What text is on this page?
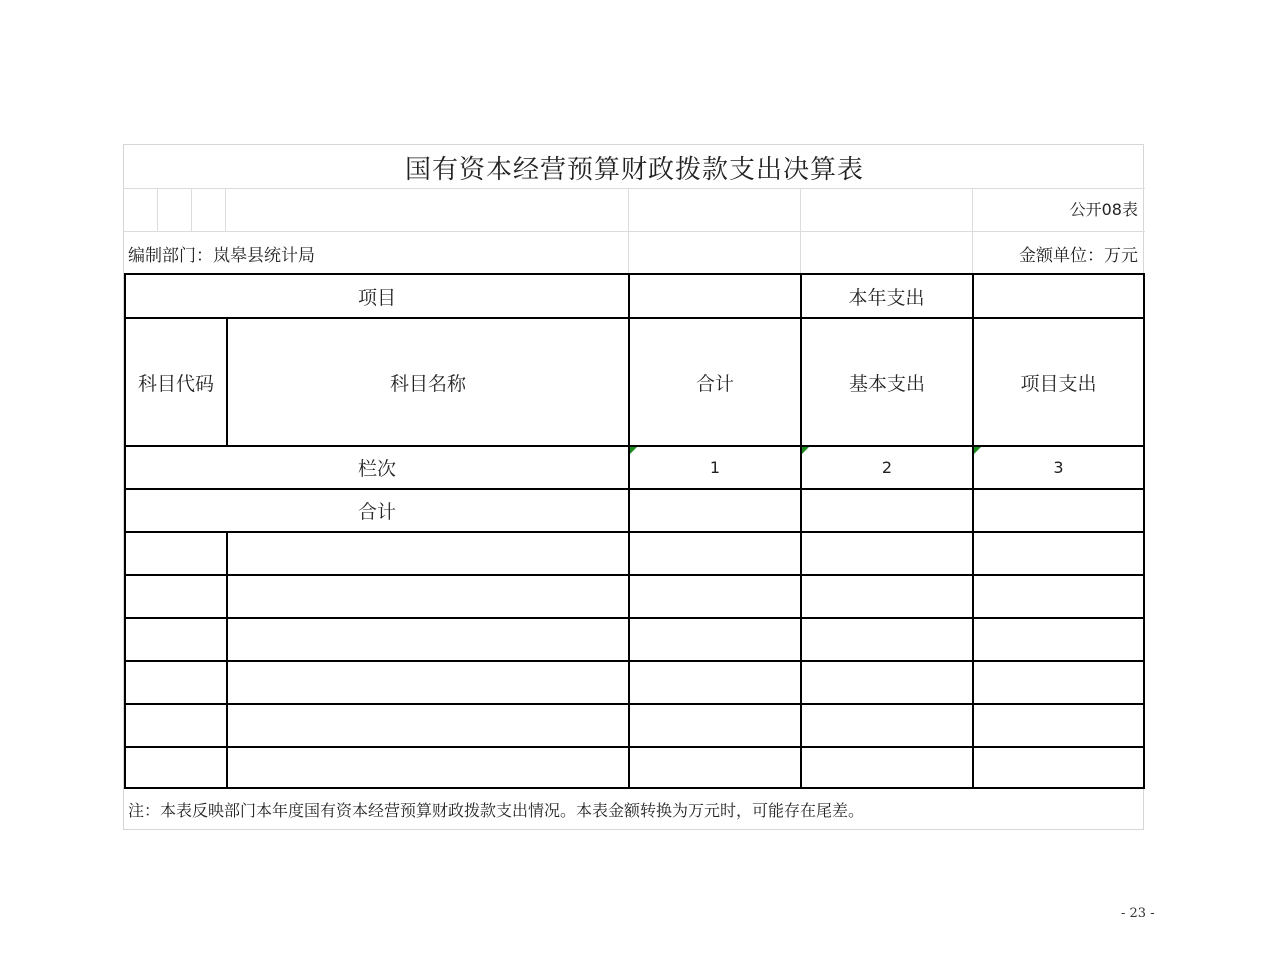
国有资本经营预算财政拨款支出决算表
公开08表
编制部门：岚皋县统计局	金额单位：万元
项目	本年支出
科目代码	科目名称	合计	基本支出	项目支出
栏次	1	2	3
合计
注：本表反映部门本年度国有资本经营预算财政拨款支出情况。本表金额转换为万元时，可能存在尾差。
- 23 -
